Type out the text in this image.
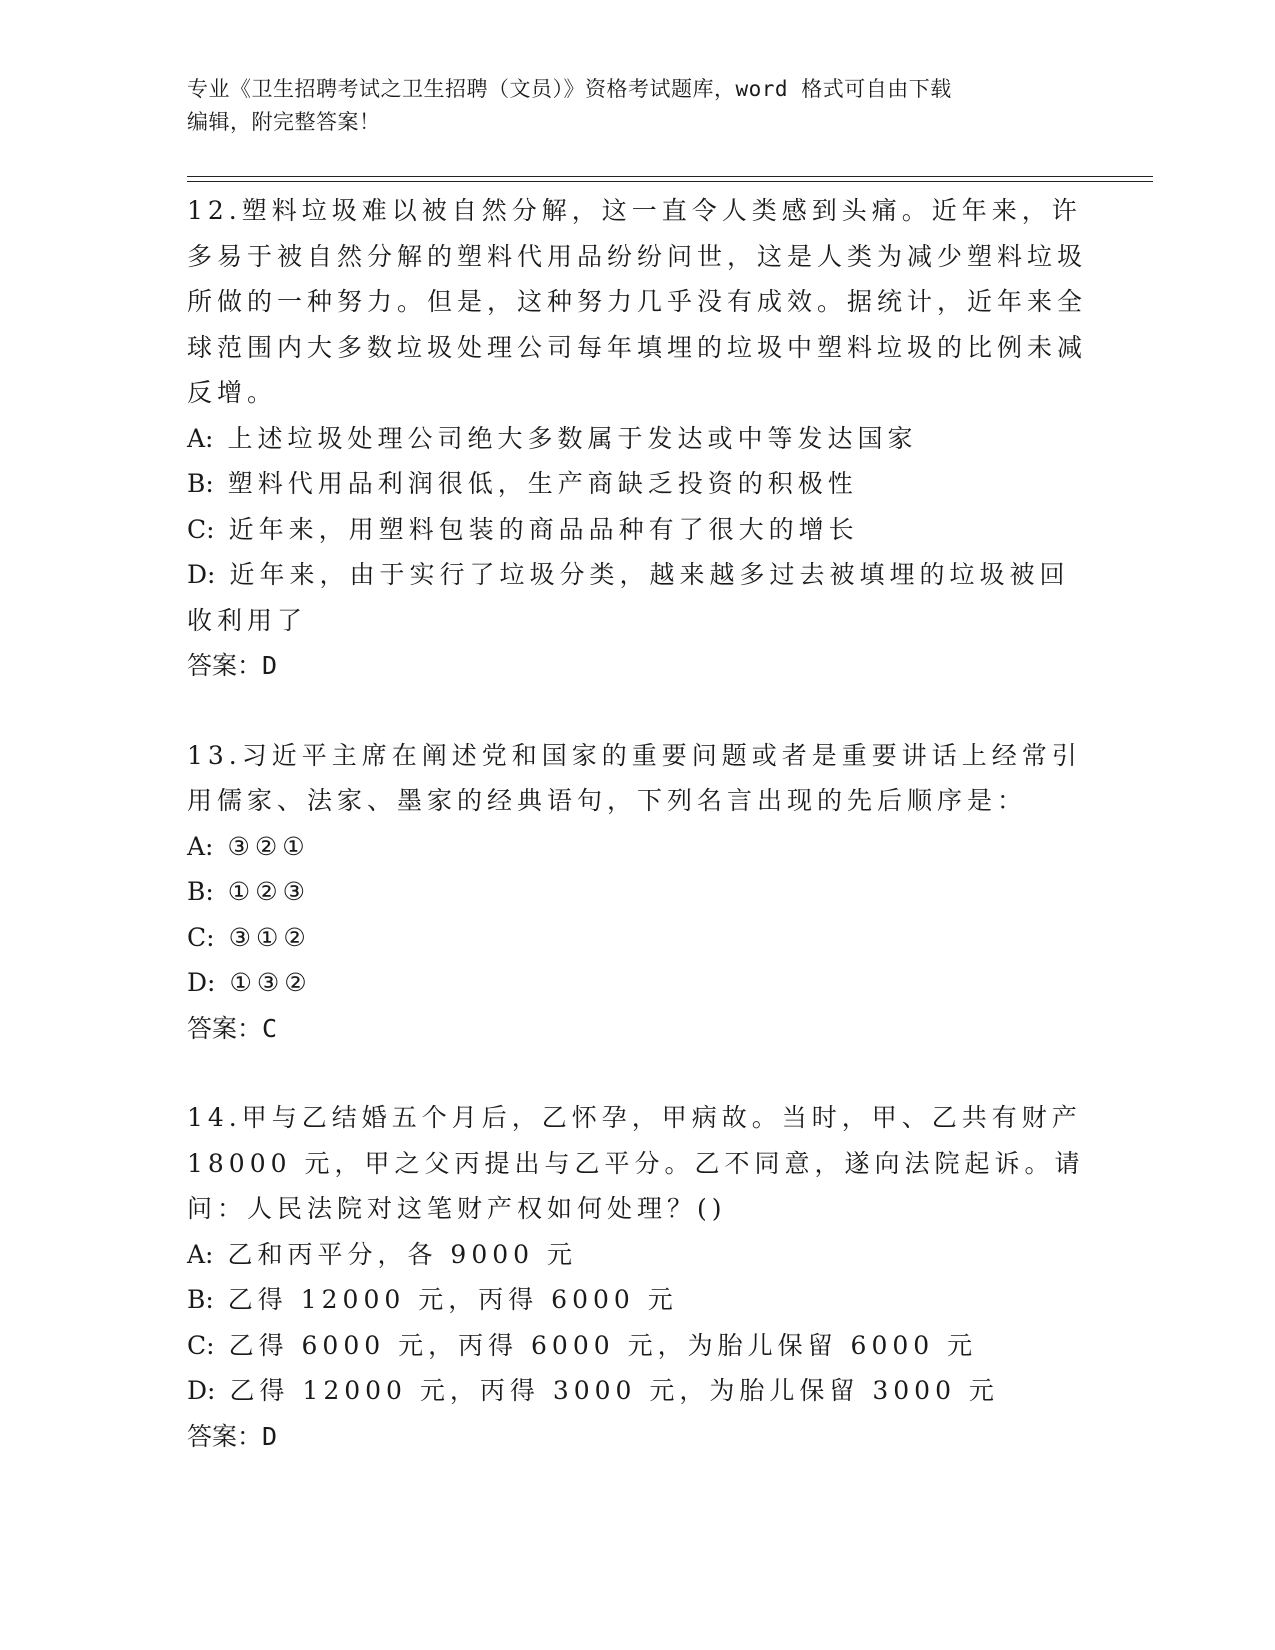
专业《卫生招聘考试之卫生招聘（文员）》资格考试题库，word 格式可自由下载
编辑，附完整答案！

12.塑料垃圾难以被自然分解，这一直令人类感到头痛。近年来，许多易于被自然分解的塑料代用品纷纷问世，这是人类为减少塑料垃圾所做的一种努力。但是，这种努力几乎没有成效。据统计，近年来全球范围内大多数垃圾处理公司每年填埋的垃圾中塑料垃圾的比例未减反增。

A: 上述垃圾处理公司绝大多数属于发达或中等发达国家

B: 塑料代用品利润很低，生产商缺乏投资的积极性

C: 近年来，用塑料包装的商品品种有了很大的增长

D: 近年来，由于实行了垃圾分类，越来越多过去被填埋的垃圾被回收利用了

答案：D

13.习近平主席在阐述党和国家的重要问题或者是重要讲话上经常引用儒家、法家、墨家的经典语句，下列名言出现的先后顺序是：

A: ③②①

B: ①②③

C: ③①②

D: ①③②

答案：C

14.甲与乙结婚五个月后，乙怀孕，甲病故。当时，甲、乙共有财产 18000 元，甲之父丙提出与乙平分。乙不同意，遂向法院起诉。请问：人民法院对这笔财产权如何处理？()

A: 乙和丙平分，各 9000 元

B: 乙得 12000 元，丙得 6000 元

C: 乙得 6000 元，丙得 6000 元，为胎儿保留 6000 元

D: 乙得 12000 元，丙得 3000 元，为胎儿保留 3000 元

答案：D
